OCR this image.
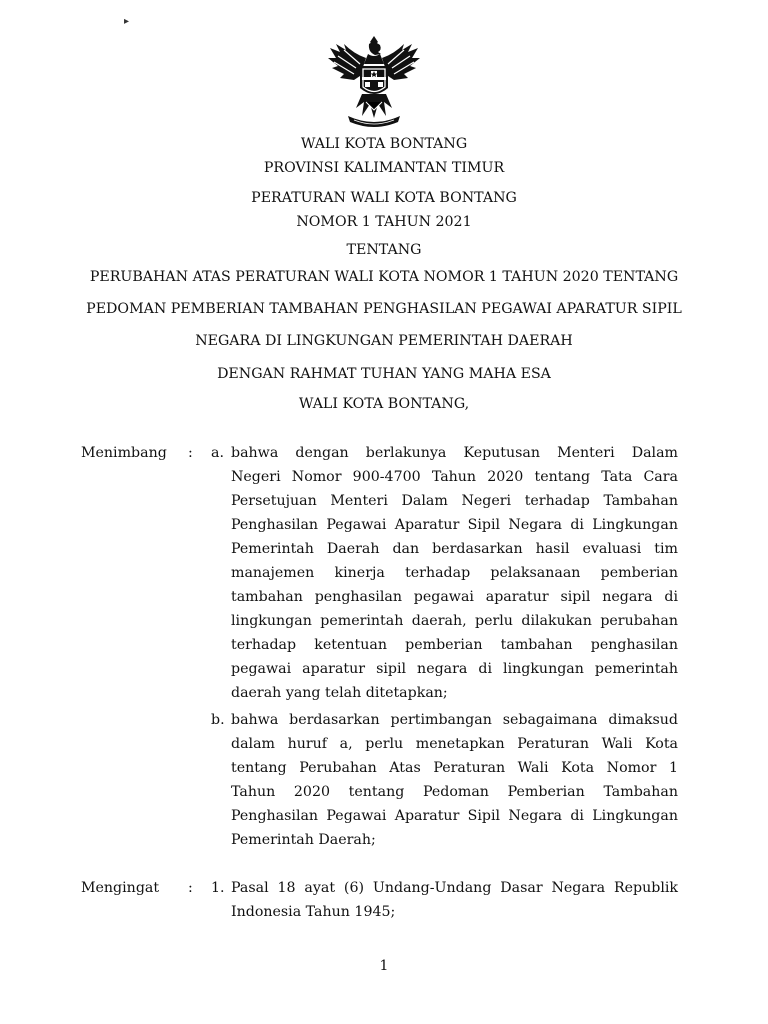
▸
WALI KOTA BONTANG
PROVINSI KALIMANTAN TIMUR
PERATURAN WALI KOTA BONTANG
NOMOR 1 TAHUN 2021
TENTANG
PERUBAHAN ATAS PERATURAN WALI KOTA NOMOR 1 TAHUN 2020 TENTANG
PEDOMAN PEMBERIAN TAMBAHAN PENGHASILAN PEGAWAI APARATUR SIPIL
NEGARA DI LINGKUNGAN PEMERINTAH DAERAH
DENGAN RAHMAT TUHAN YANG MAHA ESA
WALI KOTA BONTANG,
Menimbang : a. bahwa dengan berlakunya Keputusan Menteri Dalam
Negeri Nomor 900-4700 Tahun 2020 tentang Tata Cara
Persetujuan Menteri Dalam Negeri terhadap Tambahan
Penghasilan Pegawai Aparatur Sipil Negara di Lingkungan
Pemerintah Daerah dan berdasarkan hasil evaluasi tim
manajemen kinerja terhadap pelaksanaan pemberian
tambahan penghasilan pegawai aparatur sipil negara di
lingkungan pemerintah daerah, perlu dilakukan perubahan
terhadap ketentuan pemberian tambahan penghasilan
pegawai aparatur sipil negara di lingkungan pemerintah
daerah yang telah ditetapkan;
b. bahwa berdasarkan pertimbangan sebagaimana dimaksud
dalam huruf a, perlu menetapkan Peraturan Wali Kota
tentang Perubahan Atas Peraturan Wali Kota Nomor 1
Tahun 2020 tentang Pedoman Pemberian Tambahan
Penghasilan Pegawai Aparatur Sipil Negara di Lingkungan
Pemerintah Daerah;
Mengingat : 1. Pasal 18 ayat (6) Undang-Undang Dasar Negara Republik
Indonesia Tahun 1945;
1
